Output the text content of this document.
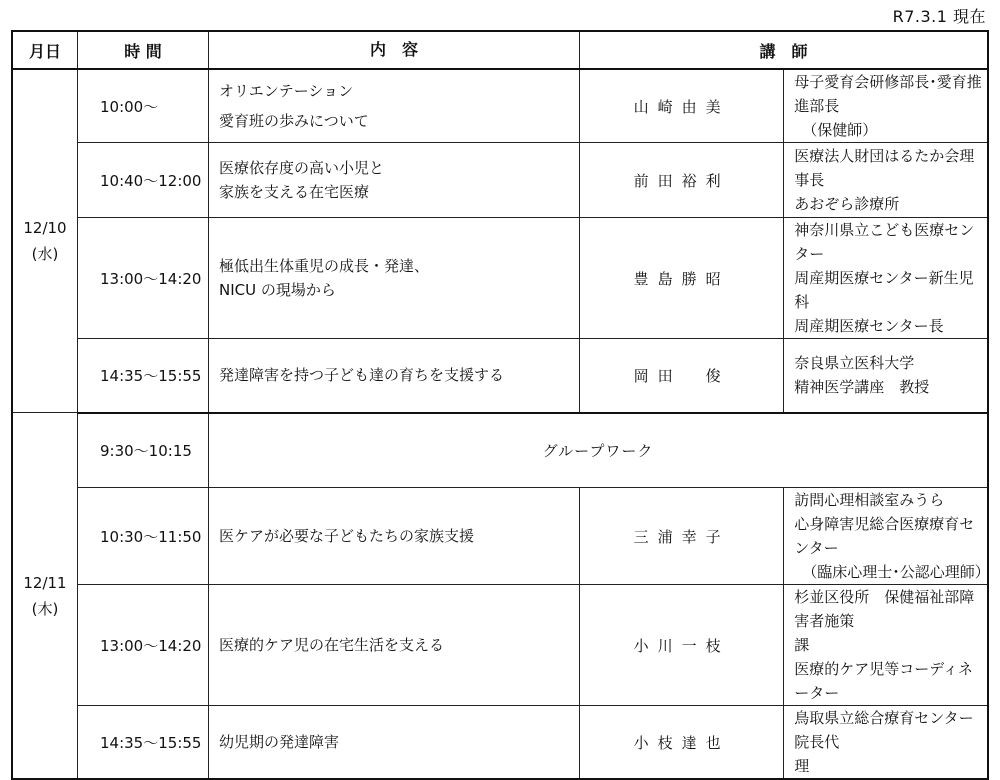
R7.3.1 現在
月日	時 間	内　容	講　師	

12/10
(水)	10:00～	オリエンテーション
愛育班の歩みについて	山崎由美	母子愛育会研修部長･愛育推進部長
（保健師）

	10:40～12:00	医療依存度の高い小児と
家族を支える在宅医療	前田裕利	医療法人財団はるたか会理事長
あおぞら診療所

	13:00～14:20	極低出生体重児の成長・発達、
NICU の現場から	豊島勝昭	神奈川県立こども医療センター
周産期医療センター新生児科
周産期医療センター長

	14:35～15:55	発達障害を持つ子ども達の育ちを支援する	岡田　俊	奈良県立医科大学
精神医学講座　教授

12/11
(木)	9:30～10:15	グループワーク		
	10:30～11:50	医ケアが必要な子どもたちの家族支援	三浦幸子	訪問心理相談室みうら
心身障害児総合医療療育センター
（臨床心理士･公認心理師）

	13:00～14:20	医療的ケア児の在宅生活を支える	小川一枝	杉並区役所　保健福祉部障害者施策
課
医療的ケア児等コーディネーター

	14:35～15:55	幼児期の発達障害	小枝達也	鳥取県立総合療育センター　院長代
理
